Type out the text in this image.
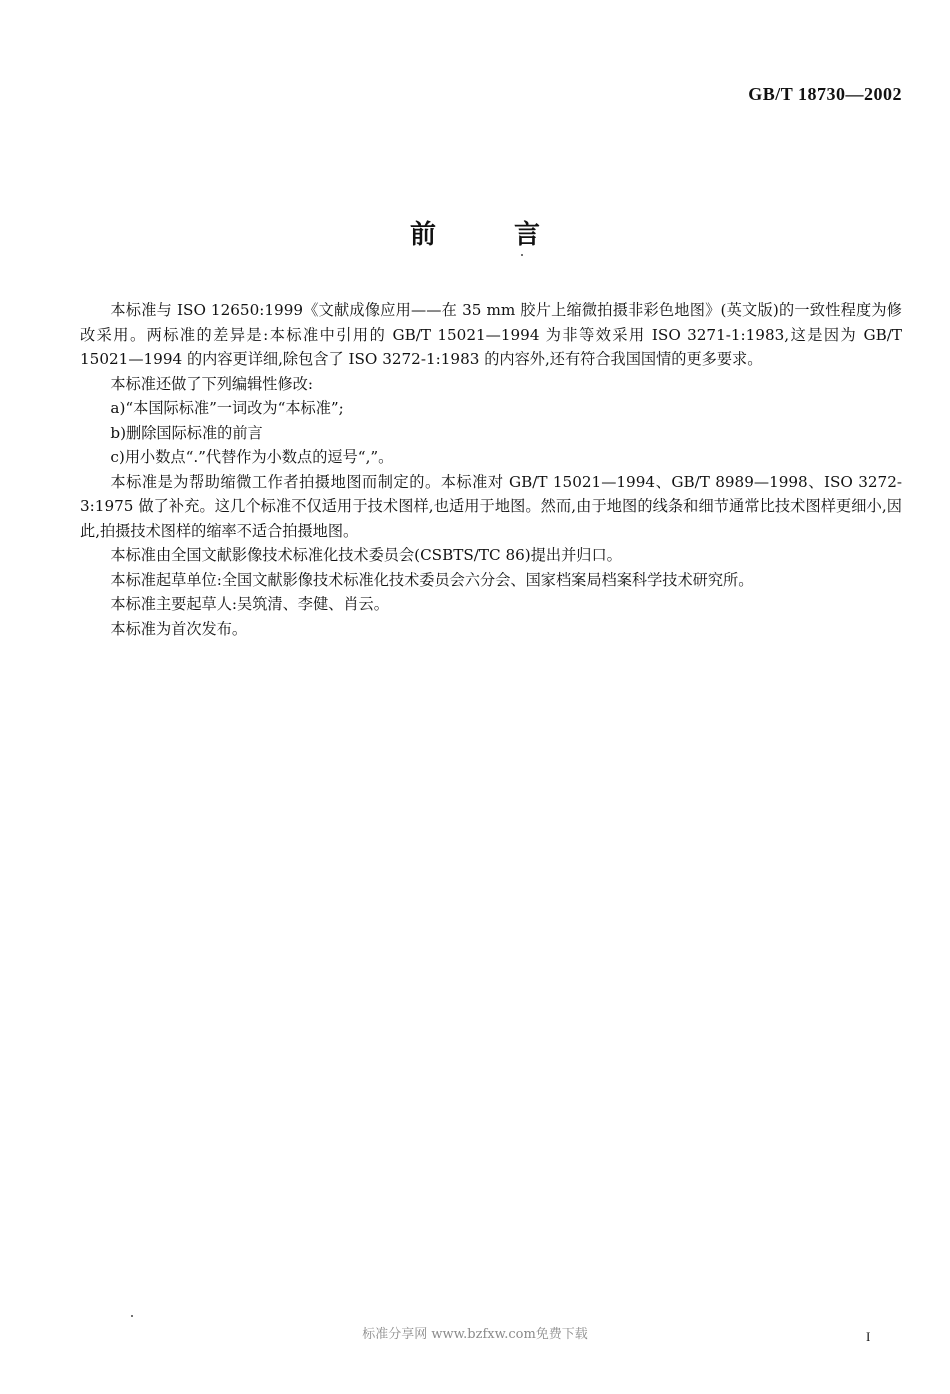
GB/T 18730—2002
前言

本标准与 ISO 12650:1999《文献成像应用——在 35 mm 胶片上缩微拍摄非彩色地图》(英文版)的一致性程度为修改采用。两标准的差异是:本标准中引用的 GB/T 15021—1994 为非等效采用 ISO 3271-1:1983,这是因为 GB/T 15021—1994 的内容更详细,除包含了 ISO 3272-1:1983 的内容外,还有符合我国国情的更多要求。

本标准还做了下列编辑性修改:

a)“本国际标准”一词改为“本标准”;

b)删除国际标准的前言

c)用小数点“.”代替作为小数点的逗号“,”。

本标准是为帮助缩微工作者拍摄地图而制定的。本标准对 GB/T 15021—1994、GB/T 8989—1998、ISO 3272-3:1975 做了补充。这几个标准不仅适用于技术图样,也适用于地图。然而,由于地图的线条和细节通常比技术图样更细小,因此,拍摄技术图样的缩率不适合拍摄地图。

本标准由全国文献影像技术标准化技术委员会(CSBTS/TC 86)提出并归口。

本标准起草单位:全国文献影像技术标准化技术委员会六分会、国家档案局档案科学技术研究所。

本标准主要起草人:吴筑清、李健、肖云。

本标准为首次发布。

标准分享网 www.bzfxw.com免费下载	I
